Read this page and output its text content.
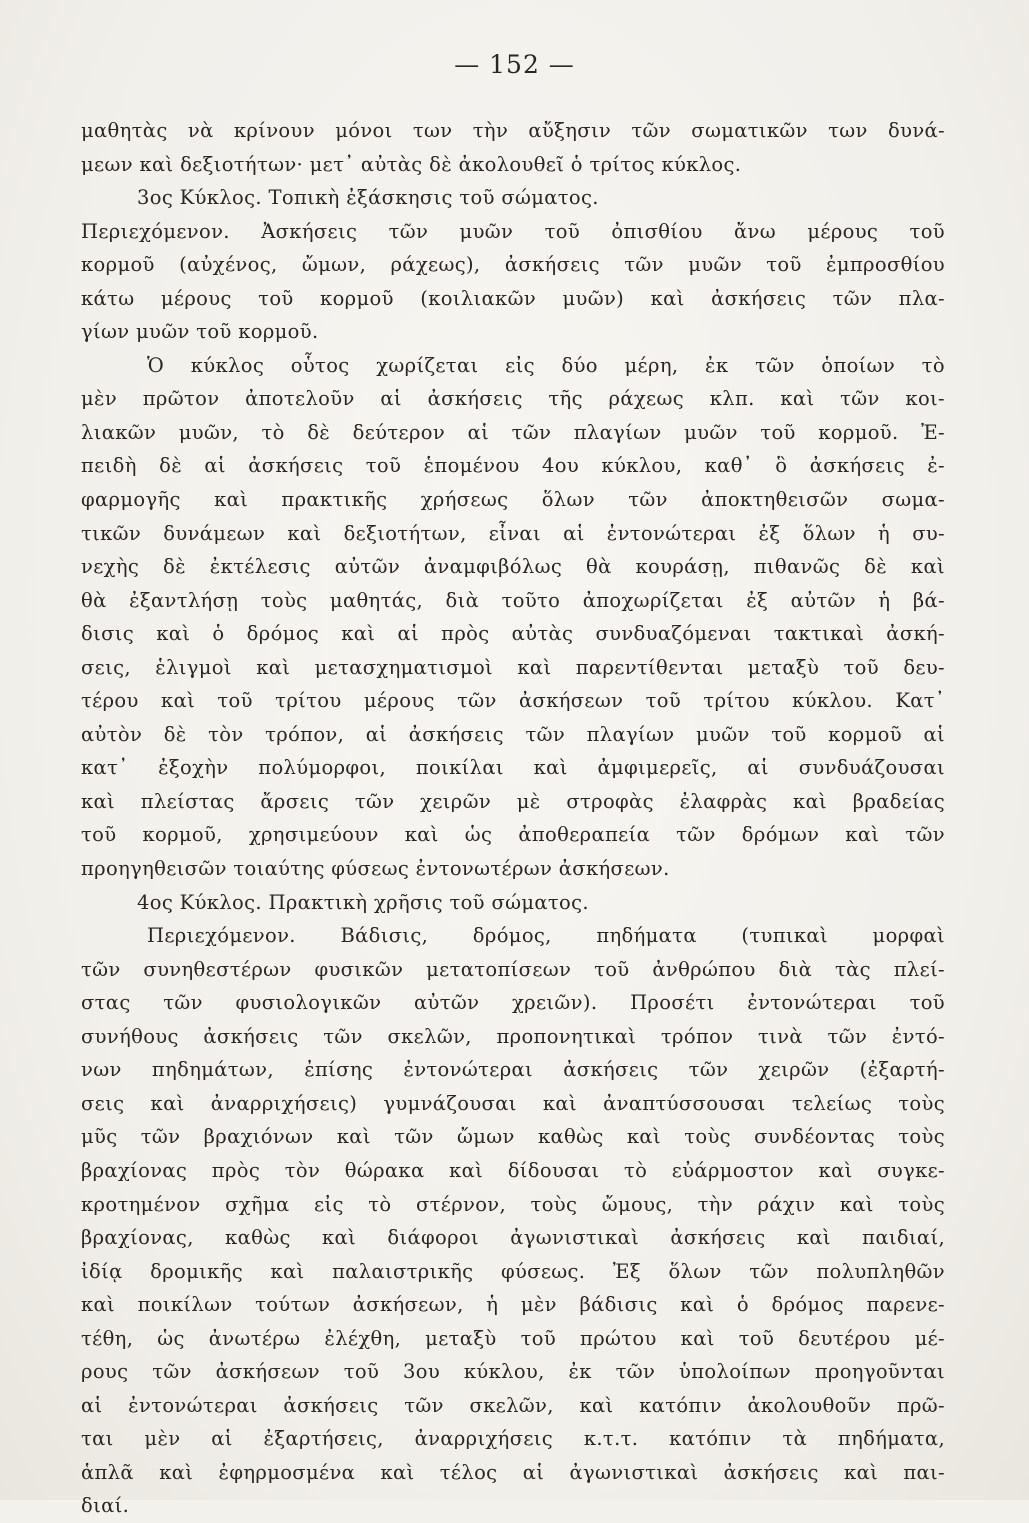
— 152 —
μαθητὰς νὰ κρίνουν μόνοι των τὴν αὔξησιν τῶν σωματικῶν των δυνά-
μεων καὶ δεξιοτήτων· μετ᾽ αὐτὰς δὲ ἀκολουθεῖ ὁ τρίτος κύκλος.
3ος Κύκλος. Τοπικὴ ἐξάσκησις τοῦ σώματος.
Περιεχόμενον. Ἀσκήσεις τῶν μυῶν τοῦ ὀπισθίου ἄνω μέρους τοῦ
κορμοῦ (αὐχένος, ὤμων, ράχεως), ἀσκήσεις τῶν μυῶν τοῦ ἐμπροσθίου
κάτω μέρους τοῦ κορμοῦ (κοιλιακῶν μυῶν) καὶ ἀσκήσεις τῶν πλα-
γίων μυῶν τοῦ κορμοῦ.
Ὁ κύκλος οὗτος χωρίζεται εἰς δύο μέρη, ἐκ τῶν ὁποίων τὸ
μὲν πρῶτον ἀποτελοῦν αἱ ἀσκήσεις τῆς ράχεως κλπ. καὶ τῶν κοι-
λιακῶν μυῶν, τὸ δὲ δεύτερον αἱ τῶν πλαγίων μυῶν τοῦ κορμοῦ. Ἐ-
πειδὴ δὲ αἱ ἀσκήσεις τοῦ ἑπομένου 4ου κύκλου, καθ᾽ ὃ ἀσκήσεις ἐ-
φαρμογῆς καὶ πρακτικῆς χρήσεως ὅλων τῶν ἀποκτηθεισῶν σωμα-
τικῶν δυνάμεων καὶ δεξιοτήτων, εἶναι αἱ ἐντονώτεραι ἐξ ὅλων ἡ συ-
νεχὴς δὲ ἐκτέλεσις αὐτῶν ἀναμφιβόλως θὰ κουράσῃ, πιθανῶς δὲ καὶ
θὰ ἐξαντλήσῃ τοὺς μαθητάς, διὰ τοῦτο ἀποχωρίζεται ἐξ αὐτῶν ἡ βά-
δισις καὶ ὁ δρόμος καὶ αἱ πρὸς αὐτὰς συνδυαζόμεναι τακτικαὶ ἀσκή-
σεις, ἑλιγμοὶ καὶ μετασχηματισμοὶ καὶ παρεντίθενται μεταξὺ τοῦ δευ-
τέρου καὶ τοῦ τρίτου μέρους τῶν ἀσκήσεων τοῦ τρίτου κύκλου. Κατ᾽
αὐτὸν δὲ τὸν τρόπον, αἱ ἀσκήσεις τῶν πλαγίων μυῶν τοῦ κορμοῦ αἱ
κατ᾽ ἐξοχὴν πολύμορφοι, ποικίλαι καὶ ἀμφιμερεῖς, αἱ συνδυάζουσαι
καὶ πλείστας ἄρσεις τῶν χειρῶν μὲ στροφὰς ἐλαφρὰς καὶ βραδείας
τοῦ κορμοῦ, χρησιμεύουν καὶ ὡς ἀποθεραπεία τῶν δρόμων καὶ τῶν
προηγηθεισῶν τοιαύτης φύσεως ἐντονωτέρων ἀσκήσεων.
4ος Κύκλος. Πρακτικὴ χρῆσις τοῦ σώματος.
Περιεχόμενον. Βάδισις, δρόμος, πηδήματα (τυπικαὶ μορφαὶ
τῶν συνηθεστέρων φυσικῶν μετατοπίσεων τοῦ ἀνθρώπου διὰ τὰς πλεί-
στας τῶν φυσιολογικῶν αὐτῶν χρειῶν). Προσέτι ἐντονώτεραι τοῦ
συνήθους ἀσκήσεις τῶν σκελῶν, προπονητικαὶ τρόπον τινὰ τῶν ἐντό-
νων πηδημάτων, ἐπίσης ἐντονώτεραι ἀσκήσεις τῶν χειρῶν (ἐξαρτή-
σεις καὶ ἀναρριχήσεις) γυμνάζουσαι καὶ ἀναπτύσσουσαι τελείως τοὺς
μῦς τῶν βραχιόνων καὶ τῶν ὤμων καθὼς καὶ τοὺς συνδέοντας τοὺς
βραχίονας πρὸς τὸν θώρακα καὶ δίδουσαι τὸ εὐάρμοστον καὶ συγκε-
κροτημένον σχῆμα εἰς τὸ στέρνον, τοὺς ὤμους, τὴν ράχιν καὶ τοὺς
βραχίονας, καθὼς καὶ διάφοροι ἀγωνιστικαὶ ἀσκήσεις καὶ παιδιαί,
ἰδίᾳ δρομικῆς καὶ παλαιστρικῆς φύσεως. Ἐξ ὅλων τῶν πολυπληθῶν
καὶ ποικίλων τούτων ἀσκήσεων, ἡ μὲν βάδισις καὶ ὁ δρόμος παρενε-
τέθη, ὡς ἀνωτέρω ἐλέχθη, μεταξὺ τοῦ πρώτου καὶ τοῦ δευτέρου μέ-
ρους τῶν ἀσκήσεων τοῦ 3ου κύκλου, ἐκ τῶν ὑπολοίπων προηγοῦνται
αἱ ἐντονώτεραι ἀσκήσεις τῶν σκελῶν, καὶ κατόπιν ἀκολουθοῦν πρῶ-
ται μὲν αἱ ἐξαρτήσεις, ἀναρριχήσεις κ.τ.τ. κατόπιν τὰ πηδήματα,
ἁπλᾶ καὶ ἐφηρμοσμένα καὶ τέλος αἱ ἀγωνιστικαὶ ἀσκήσεις καὶ παι-
διαί.
